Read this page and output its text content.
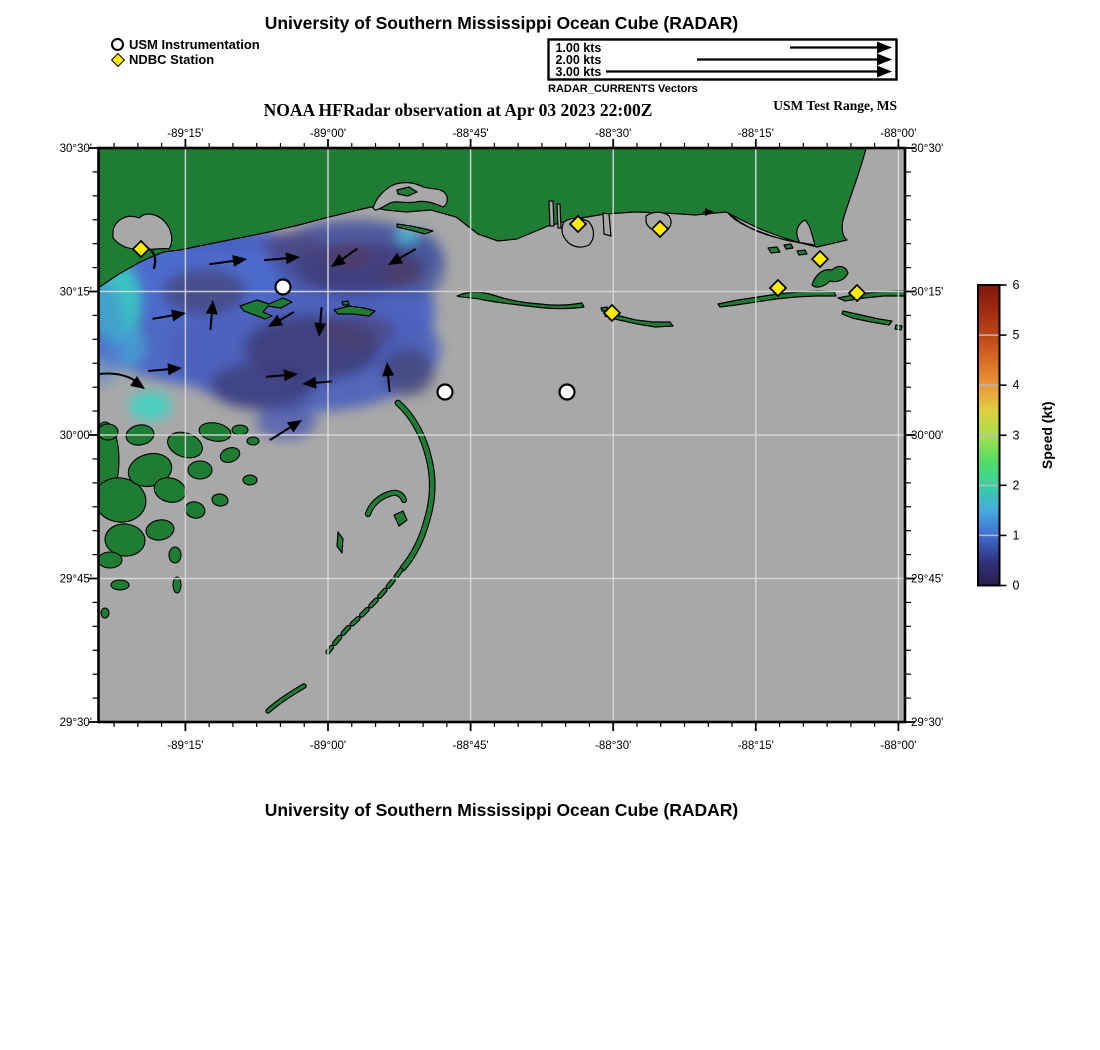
-89°15'
-89°15'
-89°00'
-89°00'
-88°45'
-88°45'
-88°30'
-88°30'
-88°15'
-88°15'
-88°00'
-88°00'
30°30'	30°30'
30°15'	30°15'
30°00'	30°00'
29°45'	29°45'
29°30'	29°30'
0
1
2
3
4
5
6
Speed (kt)
1.00 kts
2.00 kts
3.00 kts
University of Southern Mississippi Ocean Cube (RADAR)
USM Instrumentation
NDBC Station
RADAR_CURRENTS Vectors
NOAA HFRadar observation at Apr 03 2023 22:00Z	USM Test Range, MS
University of Southern Mississippi Ocean Cube (RADAR)
